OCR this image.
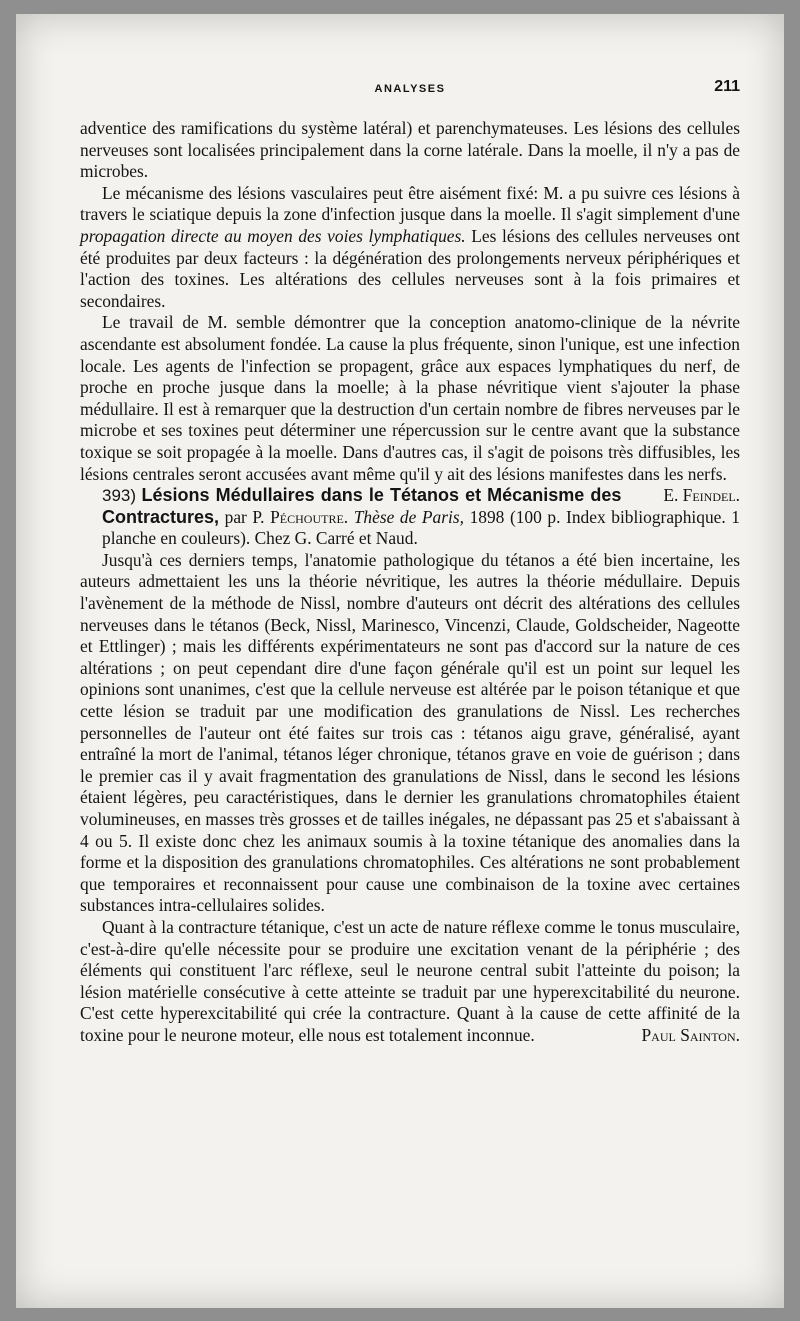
ANALYSES	211

adventice des ramifications du système latéral) et parenchymateuses. Les lésions des cellules nerveuses sont localisées principalement dans la corne latérale. Dans la moelle, il n'y a pas de microbes.

Le mécanisme des lésions vasculaires peut être aisément fixé: M. a pu suivre ces lésions à travers le sciatique depuis la zone d'infection jusque dans la moelle. Il s'agit simplement d'une propagation directe au moyen des voies lymphatiques. Les lésions des cellules nerveuses ont été produites par deux facteurs : la dégénération des prolongements nerveux périphériques et l'action des toxines. Les altérations des cellules nerveuses sont à la fois primaires et secondaires.

Le travail de M. semble démontrer que la conception anatomo-clinique de la névrite ascendante est absolument fondée. La cause la plus fréquente, sinon l'unique, est une infection locale. Les agents de l'infection se propagent, grâce aux espaces lymphatiques du nerf, de proche en proche jusque dans la moelle; à la phase névritique vient s'ajouter la phase médullaire. Il est à remarquer que la destruction d'un certain nombre de fibres nerveuses par le microbe et ses toxines peut déterminer une répercussion sur le centre avant que la substance toxique se soit propagée à la moelle. Dans d'autres cas, il s'agit de poisons très diffusibles, les lésions centrales seront accusées avant même qu'il y ait des lésions manifestes dans les nerfs.
E. Feindel.

393) Lésions Médullaires dans le Tétanos et Mécanisme des Contractures, par P. Péchoutre. Thèse de Paris, 1898 (100 p. Index bibliographique. 1 planche en couleurs). Chez G. Carré et Naud.

Jusqu'à ces derniers temps, l'anatomie pathologique du tétanos a été bien incertaine, les auteurs admettaient les uns la théorie névritique, les autres la théorie médullaire. Depuis l'avènement de la méthode de Nissl, nombre d'auteurs ont décrit des altérations des cellules nerveuses dans le tétanos (Beck, Nissl, Marinesco, Vincenzi, Claude, Goldscheider, Nageotte et Ettlinger) ; mais les différents expérimentateurs ne sont pas d'accord sur la nature de ces altérations ; on peut cependant dire d'une façon générale qu'il est un point sur lequel les opinions sont unanimes, c'est que la cellule nerveuse est altérée par le poison tétanique et que cette lésion se traduit par une modification des granulations de Nissl. Les recherches personnelles de l'auteur ont été faites sur trois cas : tétanos aigu grave, généralisé, ayant entraîné la mort de l'animal, tétanos léger chronique, tétanos grave en voie de guérison ; dans le premier cas il y avait fragmentation des granulations de Nissl, dans le second les lésions étaient légères, peu caractéristiques, dans le dernier les granulations chromatophiles étaient volumineuses, en masses très grosses et de tailles inégales, ne dépassant pas 25 et s'abaissant à 4 ou 5. Il existe donc chez les animaux soumis à la toxine tétanique des anomalies dans la forme et la disposition des granulations chromatophiles. Ces altérations ne sont probablement que temporaires et reconnaissent pour cause une combinaison de la toxine avec certaines substances intra-cellulaires solides.

Quant à la contracture tétanique, c'est un acte de nature réflexe comme le tonus musculaire, c'est-à-dire qu'elle nécessite pour se produire une excitation venant de la périphérie ; des éléments qui constituent l'arc réflexe, seul le neurone central subit l'atteinte du poison; la lésion matérielle consécutive à cette atteinte se traduit par une hyperexcitabilité du neurone. C'est cette hyperexcitabilité qui crée la contracture. Quant à la cause de cette affinité de la toxine pour le neurone moteur, elle nous est totalement inconnue.	Paul Sainton.
